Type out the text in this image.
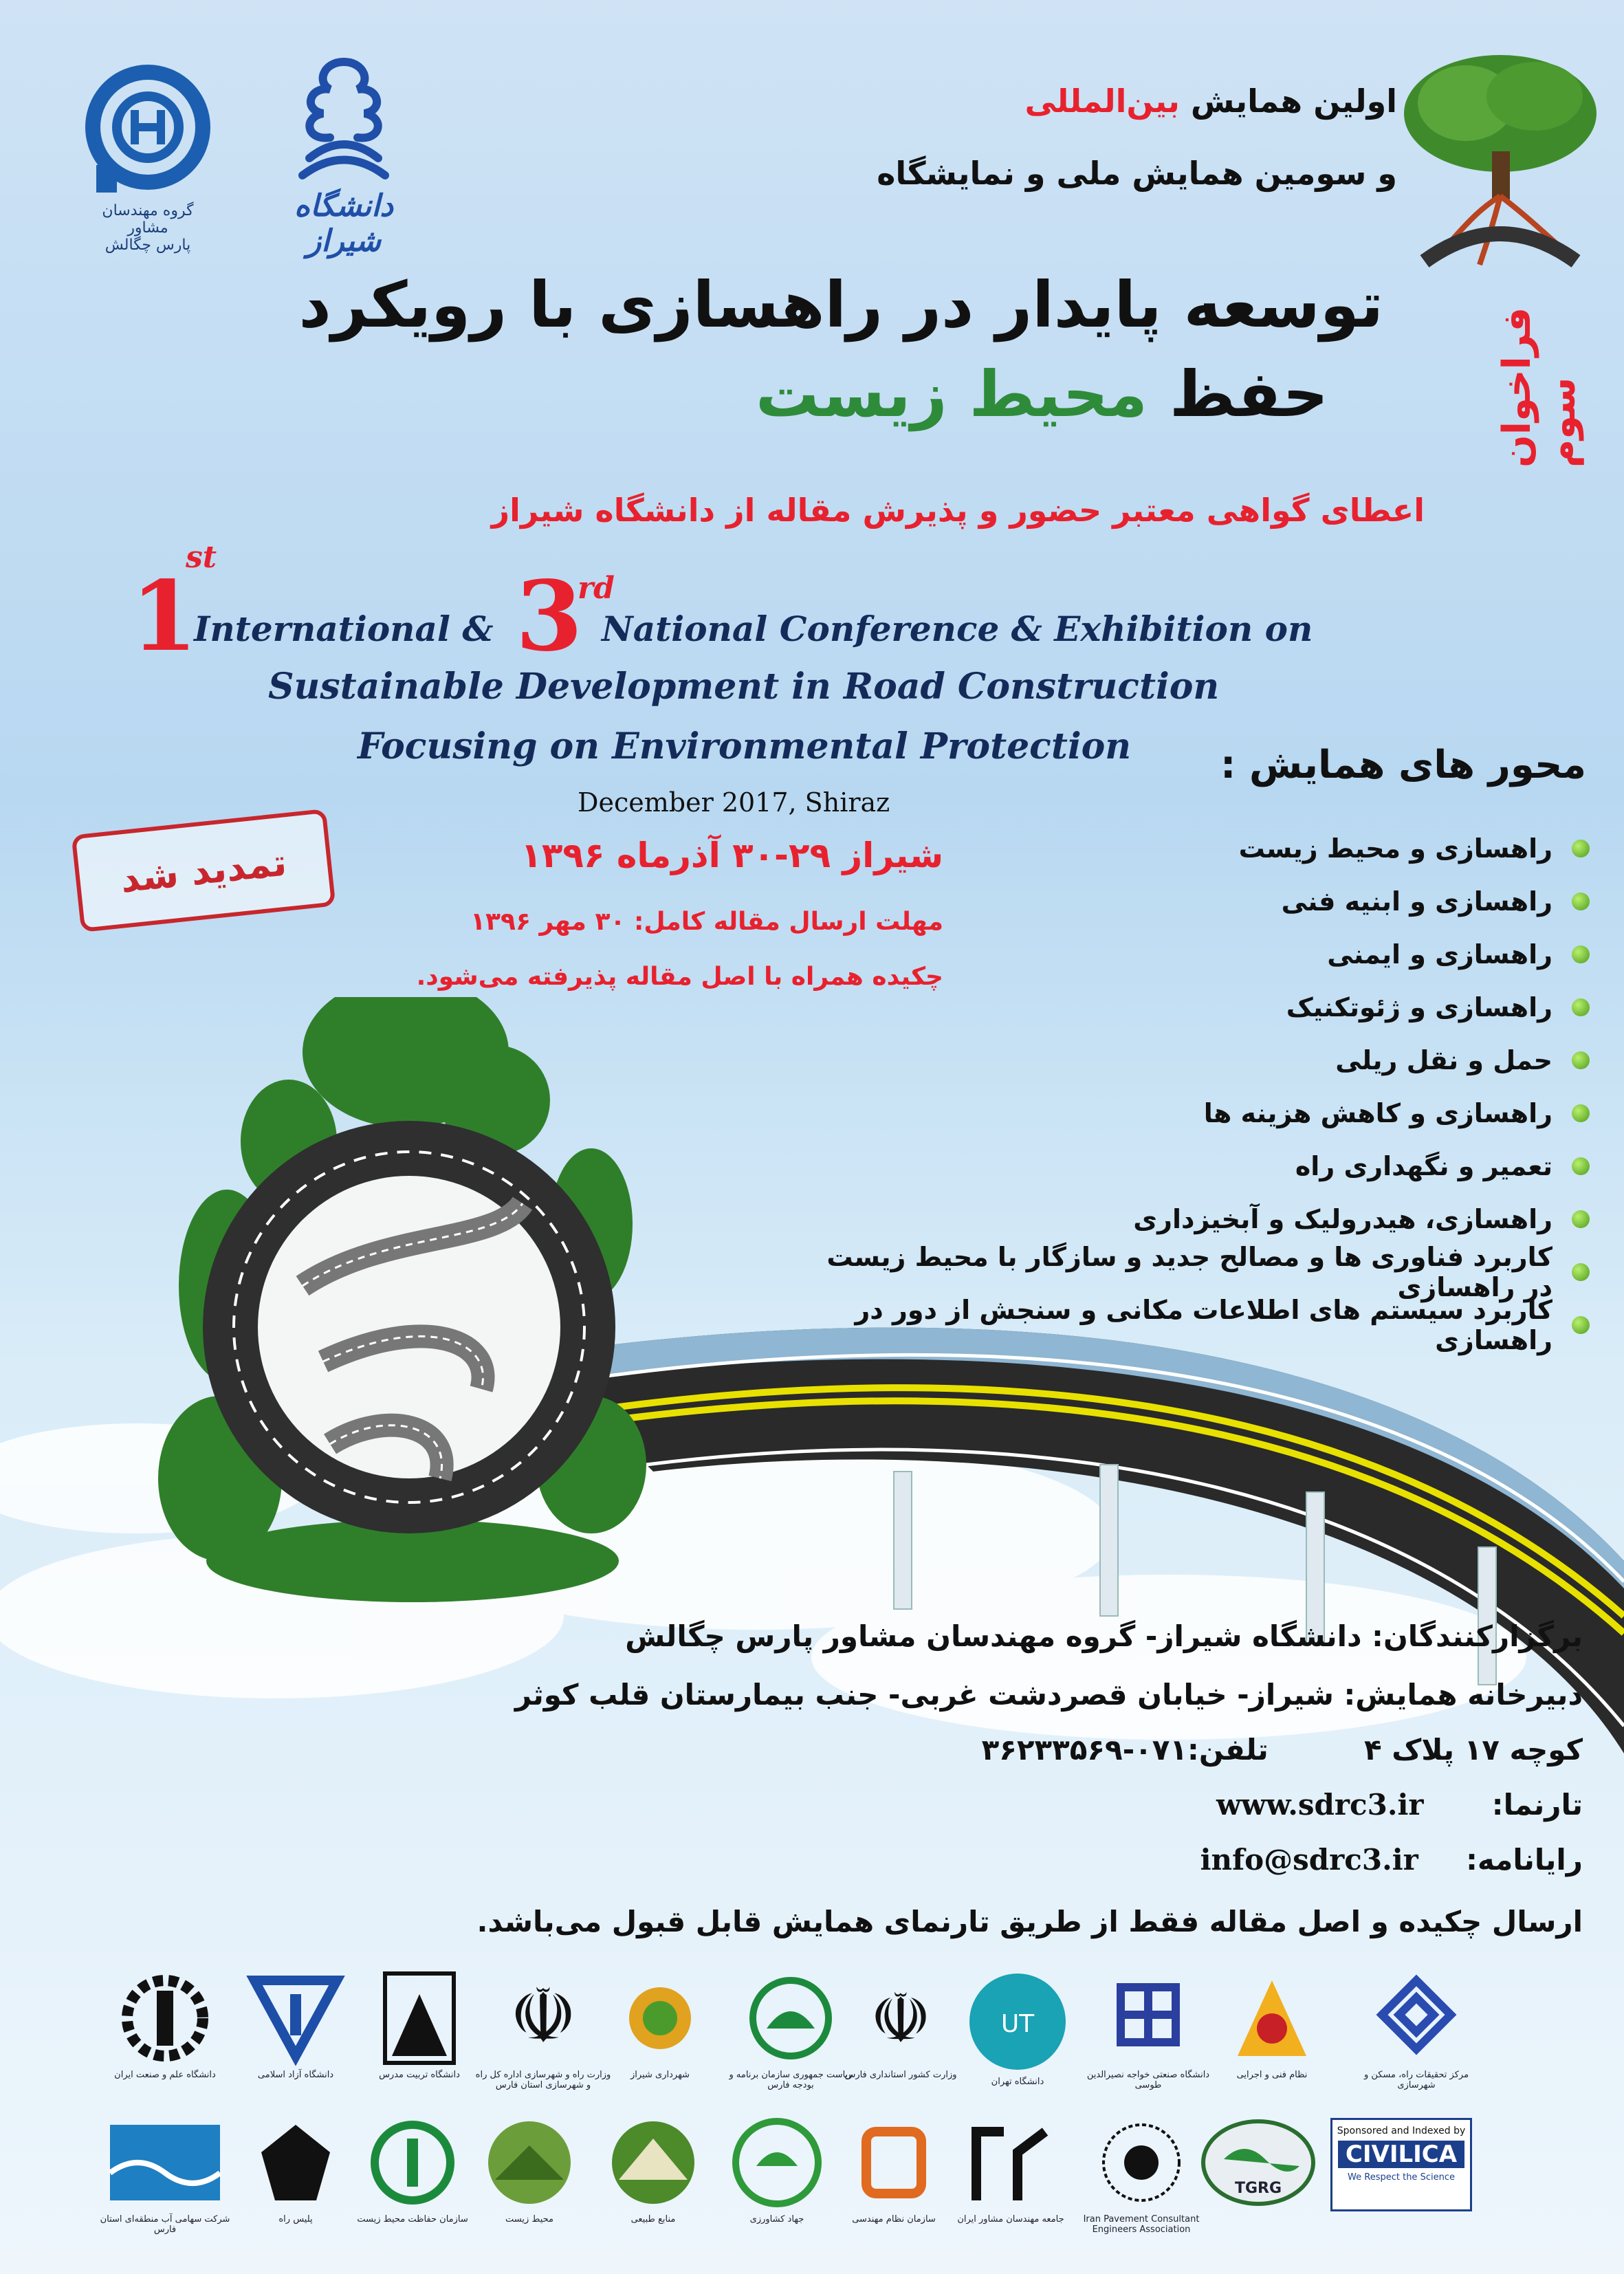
گروه مهندسان مشاور
پارس چگالش
دانشگاه شیراز
اولین همایش بین‌المللی
و سومین همایش ملی و نمایشگاه
توسعه پایدار در راهسازی با رویکرد
حفظ محیط زیست	فراخوان سوم
اعطای گواهی معتبر حضور و پذیرش مقاله از دانشگاه شیراز
1
st
International & 3
rd
National Conference & Exhibition on
Sustainable Development in Road Construction
Focusing on Environmental Protection
December 2017, Shiraz
شیراز ۲۹-۳۰ آذرماه ۱۳۹۶
مهلت ارسال مقاله کامل: ۳۰ مهر ۱۳۹۶
چکیده همراه با اصل مقاله پذیرفته می‌شود.
تمدید شد
محور های همایش :
راهسازی و محیط زیست
راهسازی و ابنیه فنی
راهسازی و ایمنی
راهسازی و ژئوتکنیک
حمل و نقل ریلی
راهسازی و کاهش هزینه ها
تعمیر و نگهداری راه
راهسازی، هیدرولیک و آبخیزداری
کاربرد فناوری ها و مصالح جدید و سازگار با محیط زیست در راهسازی
کاربرد سیستم های اطلاعات مکانی و سنجش از دور در راهسازی
برگزارکنندگان: دانشگاه شیراز- گروه مهندسان مشاور پارس چگالش
دبیرخانه همایش: شیراز- خیابان قصردشت غربی- جنب بیمارستان قلب کوثر
کوچه ۱۷ پلاک ۴  تلفن:۰۷۱-۳۶۲۳۳۵۶۹
تارنما:  www.sdrc3.ir
رایانامه:  info@sdrc3.ir
ارسال چکیده و اصل مقاله فقط از طریق تارنمای همایش قابل قبول می‌باشد.
دانشگاه علم و صنعت ایران	دانشگاه آزاد اسلامی	دانشگاه تربیت مدرس
☫
وزارت راه و شهرسازی اداره کل راه و شهرسازی استان فارس
شهرداری شیراز	ریاست جمهوری سازمان برنامه و بودجه فارس
☫
وزارت کشور استانداری فارس
UT
دانشگاه تهران
دانشگاه صنعتی خواجه نصیرالدین طوسی
نظام فنی و اجرایی	مرکز تحقیقات راه، مسکن و شهرسازی
شرکت سهامی آب منطقه‌ای استان فارس
پلیس راه	سازمان حفاظت محیط زیست	محیط زیست	منابع طبیعی	جهاد کشاورزی	سازمان نظام مهندسی	جامعه مهندسان مشاور ایران	Iran Pavement Consultant Engineers Association
TGRG
Sponsored and Indexed by
CIVILICA
We Respect the Science
